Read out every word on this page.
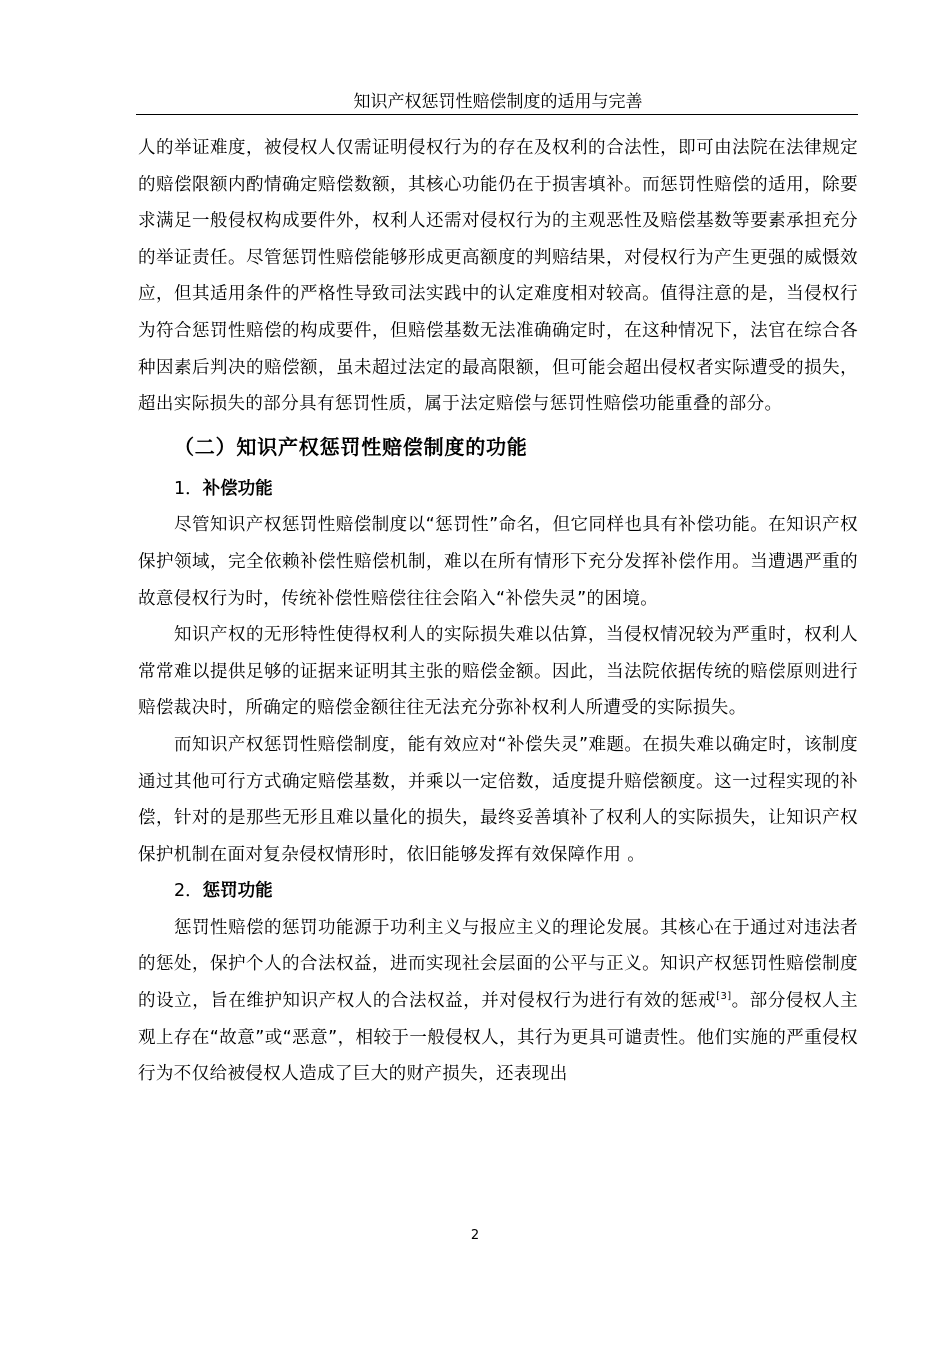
知识产权惩罚性赔偿制度的适用与完善

人的举证难度，被侵权人仅需证明侵权行为的存在及权利的合法性，即可由法院在法律规定的赔偿限额内酌情确定赔偿数额，其核心功能仍在于损害填补。而惩罚性赔偿的适用，除要求满足一般侵权构成要件外，权利人还需对侵权行为的主观恶性及赔偿基数等要素承担充分的举证责任。尽管惩罚性赔偿能够形成更高额度的判赔结果，对侵权行为产生更强的威慑效应，但其适用条件的严格性导致司法实践中的认定难度相对较高。值得注意的是，当侵权行为符合惩罚性赔偿的构成要件，但赔偿基数无法准确确定时，在这种情况下，法官在综合各种因素后判决的赔偿额，虽未超过法定的最高限额，但可能会超出侵权者实际遭受的损失，超出实际损失的部分具有惩罚性质，属于法定赔偿与惩罚性赔偿功能重叠的部分。

（二）知识产权惩罚性赔偿制度的功能
1．补偿功能

尽管知识产权惩罚性赔偿制度以“惩罚性”命名，但它同样也具有补偿功能。在知识产权保护领域，完全依赖补偿性赔偿机制，难以在所有情形下充分发挥补偿作用。当遭遇严重的故意侵权行为时，传统补偿性赔偿往往会陷入“补偿失灵”的困境。

知识产权的无形特性使得权利人的实际损失难以估算，当侵权情况较为严重时，权利人常常难以提供足够的证据来证明其主张的赔偿金额。因此，当法院依据传统的赔偿原则进行赔偿裁决时，所确定的赔偿金额往往无法充分弥补权利人所遭受的实际损失。

而知识产权惩罚性赔偿制度，能有效应对“补偿失灵”难题。在损失难以确定时，该制度通过其他可行方式确定赔偿基数，并乘以一定倍数，适度提升赔偿额度。这一过程实现的补偿，针对的是那些无形且难以量化的损失，最终妥善填补了权利人的实际损失，让知识产权保护机制在面对复杂侵权情形时，依旧能够发挥有效保障作用 。

2．惩罚功能

惩罚性赔偿的惩罚功能源于功利主义与报应主义的理论发展。其核心在于通过对违法者的惩处，保护个人的合法权益，进而实现社会层面的公平与正义。知识产权惩罚性赔偿制度的设立，旨在维护知识产权人的合法权益，并对侵权行为进行有效的惩戒[3]。部分侵权人主观上存在“故意”或“恶意”，相较于一般侵权人，其行为更具可谴责性。他们实施的严重侵权行为不仅给被侵权人造成了巨大的财产损失，还表现出

2
